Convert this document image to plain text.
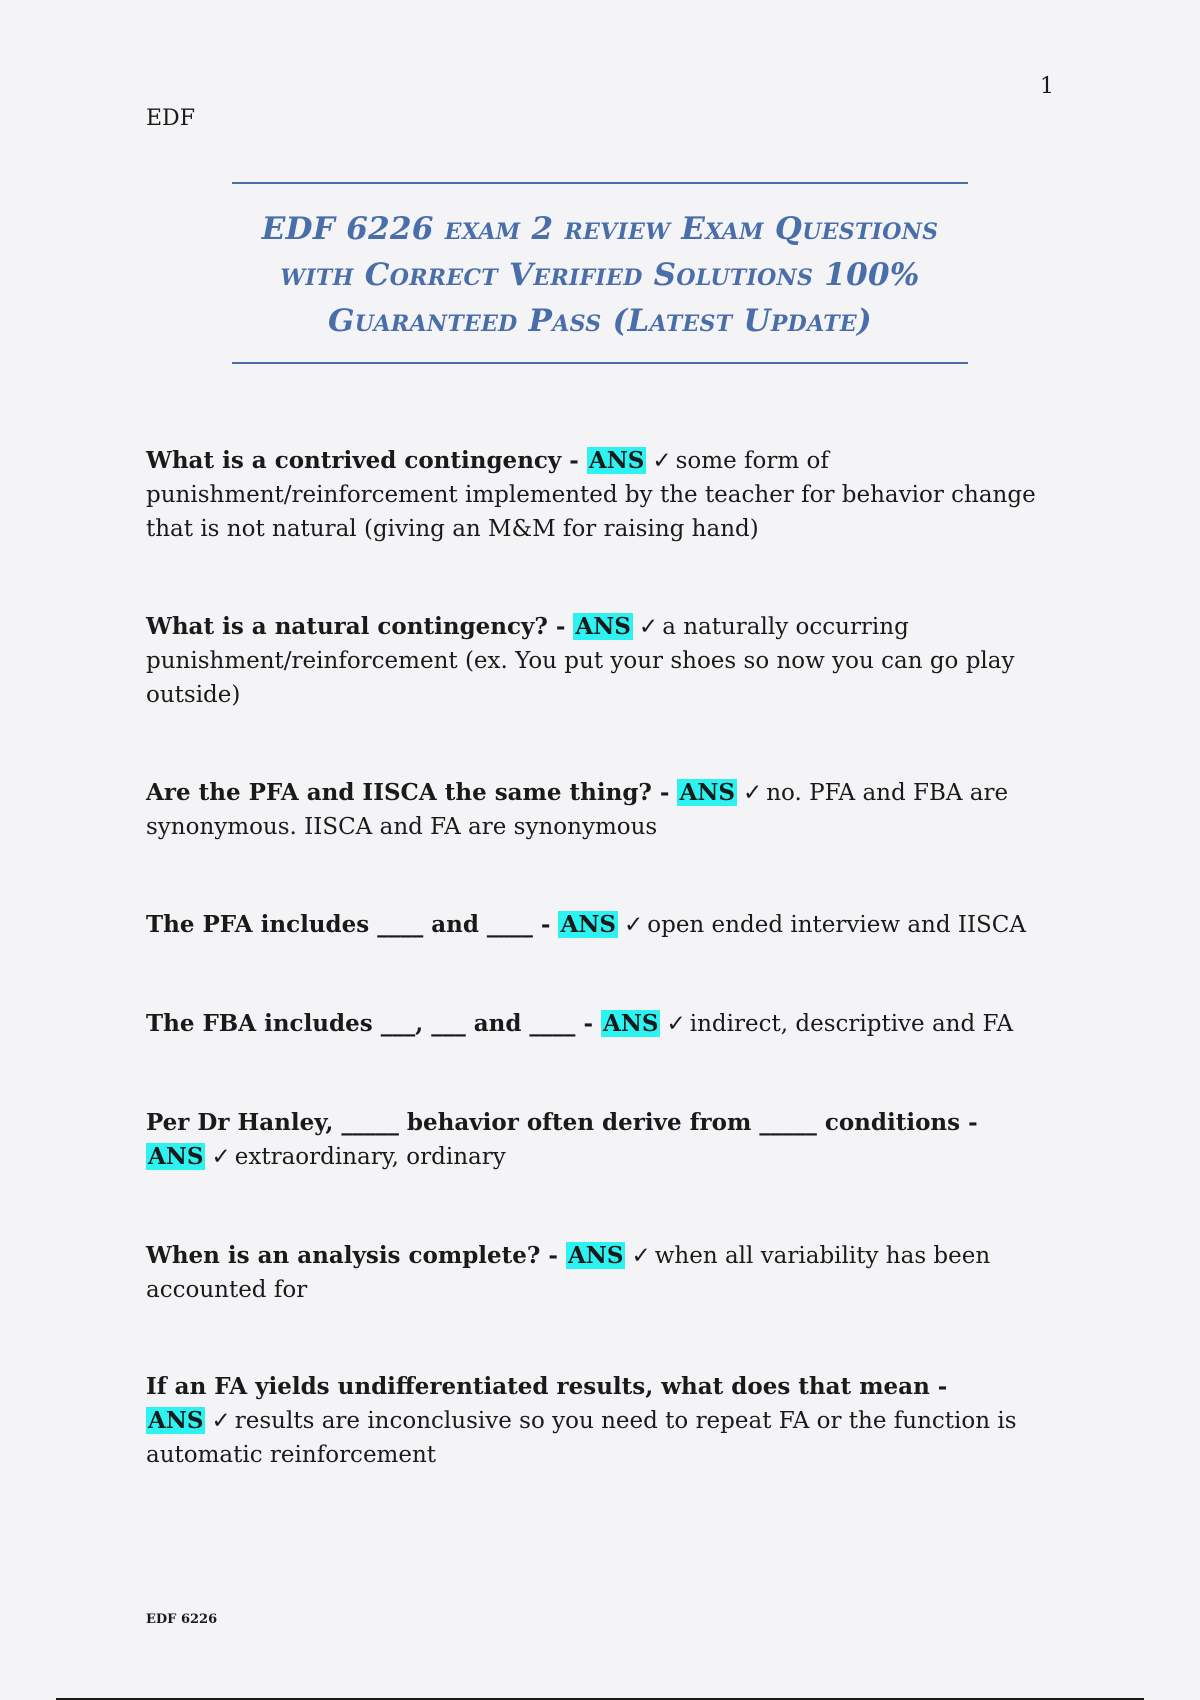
1
EDF
EDF 6226 exam 2 review Exam Questions
with Correct Verified Solutions 100%
Guaranteed Pass (Latest Update)
What is a contrived contingency - ANS ✓ some form of punishment/reinforcement implemented by the teacher for behavior change that is not natural (giving an M&M for raising hand)
What is a natural contingency? - ANS ✓ a naturally occurring punishment/reinforcement (ex. You put your shoes so now you can go play outside)
Are the PFA and IISCA the same thing? - ANS ✓ no. PFA and FBA are synonymous. IISCA and FA are synonymous
The PFA includes ____ and ____ - ANS ✓ open ended interview and IISCA
The FBA includes ___, ___ and ____ - ANS ✓ indirect, descriptive and FA
Per Dr Hanley, _____ behavior often derive from _____ conditions - ANS ✓ extraordinary, ordinary
When is an analysis complete? - ANS ✓ when all variability has been accounted for
If an FA yields undifferentiated results, what does that mean - ANS ✓ results are inconclusive so you need to repeat FA or the function is automatic reinforcement
EDF 6226
